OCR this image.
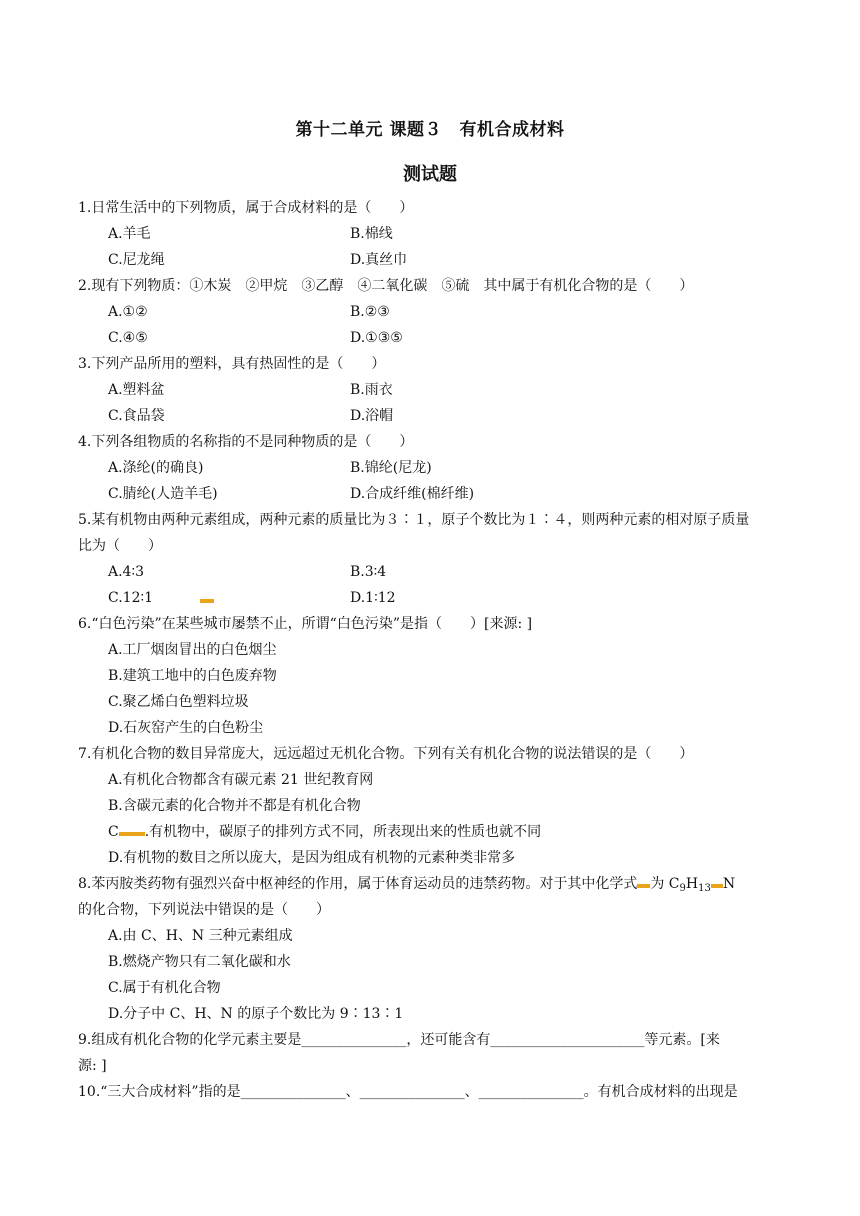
第十二单元 课题３　有机合成材料
测试题
1.日常生活中的下列物质，属于合成材料的是（　　）
A.羊毛	B.棉线
C.尼龙绳	D.真丝巾
2.现有下列物质：①木炭　②甲烷　③乙醇　④二氧化碳　⑤硫　其中属于有机化合物的是（　　）
A.①②	B.②③
C.④⑤	D.①③⑤
3.下列产品所用的塑料，具有热固性的是（　　）
A.塑料盆	B.雨衣
C.食品袋	D.浴帽
4.下列各组物质的名称指的不是同种物质的是（　　）
A.涤纶(的确良)	B.锦纶(尼龙)
C.腈纶(人造羊毛)	D.合成纤维(棉纤维)
5.某有机物由两种元素组成，两种元素的质量比为３∶１，原子个数比为１∶４，则两种元素的相对原子质量
比为（　　）
A.4∶3	B.3∶4
C.12∶1	D.1∶12
6.“白色污染”在某些城市屡禁不止，所谓“白色污染”是指（　　）[来源: ]
A.工厂烟囱冒出的白色烟尘
B.建筑工地中的白色废弃物
C.聚乙烯白色塑料垃圾
D.石灰窑产生的白色粉尘
7.有机化合物的数目异常庞大，远远超过无机化合物。下列有关有机化合物的说法错误的是（　　）
A.有机化合物都含有碳元素 21 世纪教育网
B.含碳元素的化合物并不都是有机化合物
C .有机物中，碳原子的排列方式不同，所表现出来的性质也就不同
D.有机物的数目之所以庞大，是因为组成有机物的元素种类非常多
8.苯丙胺类药物有强烈兴奋中枢神经的作用，属于体育运动员的违禁药物。对于其中化学式 为 $C_9H_{13}$ N
的化合物，下列说法中错误的是（　　）
A.由 C、H、N 三种元素组成
B.燃烧产物只有二氧化碳和水
C.属于有机化合物
D.分子中 C、H、N 的原子个数比为 9∶13∶1
9.组成有机化合物的化学元素主要是_______________，还可能含有______________________等元素。[来
源: ]
10.“三大合成材料”指的是_______________、_______________、_______________。有机合成材料的出现是
